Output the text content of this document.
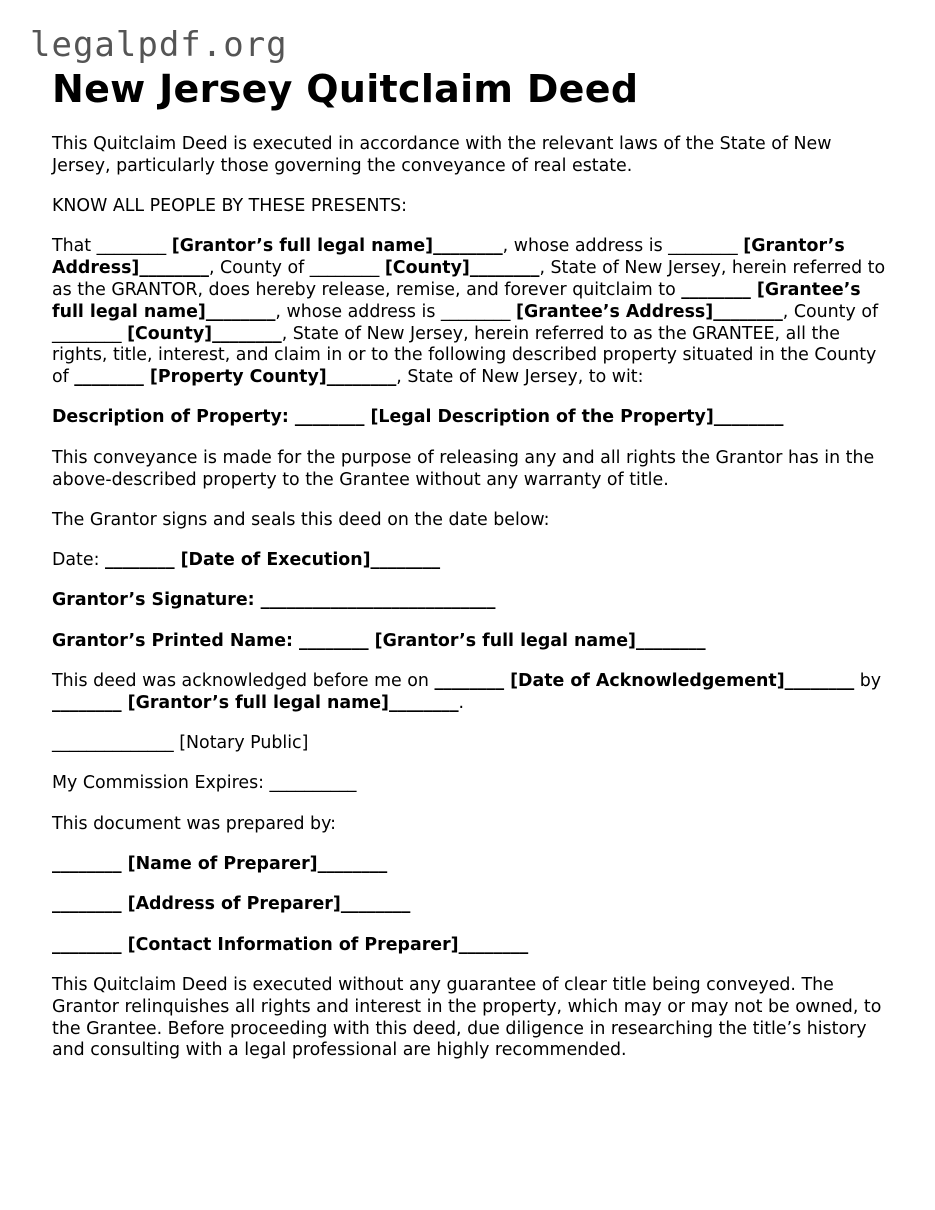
legalpdf.org
New Jersey Quitclaim Deed

This Quitclaim Deed is executed in accordance with the relevant laws of the State of New Jersey, particularly those governing the conveyance of real estate.

KNOW ALL PEOPLE BY THESE PRESENTS:

That ________ [Grantor’s full legal name]________, whose address is ________ [Grantor’s Address]________, County of ________ [County]________, State of New Jersey, herein referred to as the GRANTOR, does hereby release, remise, and forever quitclaim to ________ [Grantee’s full legal name]________, whose address is ________ [Grantee’s Address]________, County of ________ [County]________, State of New Jersey, herein referred to as the GRANTEE, all the rights, title, interest, and claim in or to the following described property situated in the County of ________ [Property County]________, State of New Jersey, to wit:

Description of Property: ________ [Legal Description of the Property]________

This conveyance is made for the purpose of releasing any and all rights the Grantor has in the above-described property to the Grantee without any warranty of title.

The Grantor signs and seals this deed on the date below:

Date: ________ [Date of Execution]________

Grantor’s Signature: ___________________________

Grantor’s Printed Name: ________ [Grantor’s full legal name]________

This deed was acknowledged before me on ________ [Date of Acknowledgement]________ by ________ [Grantor’s full legal name]________.

______________ [Notary Public]

My Commission Expires: __________

This document was prepared by:

________ [Name of Preparer]________

________ [Address of Preparer]________

________ [Contact Information of Preparer]________

This Quitclaim Deed is executed without any guarantee of clear title being conveyed. The Grantor relinquishes all rights and interest in the property, which may or may not be owned, to the Grantee. Before proceeding with this deed, due diligence in researching the title’s history and consulting with a legal professional are highly recommended.
